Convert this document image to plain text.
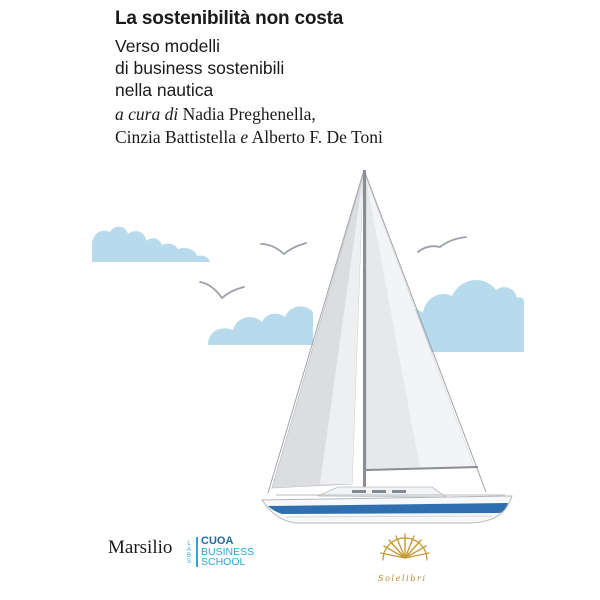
La sostenibilità non costa
Verso modelli
di business sostenibili
nella nautica
a cura di Nadia Preghenella,
Cinzia Battistella e Alberto F. De Toni
Marsilio LABS CUOA
BUSINESS
SCHOOL
Solelibri
